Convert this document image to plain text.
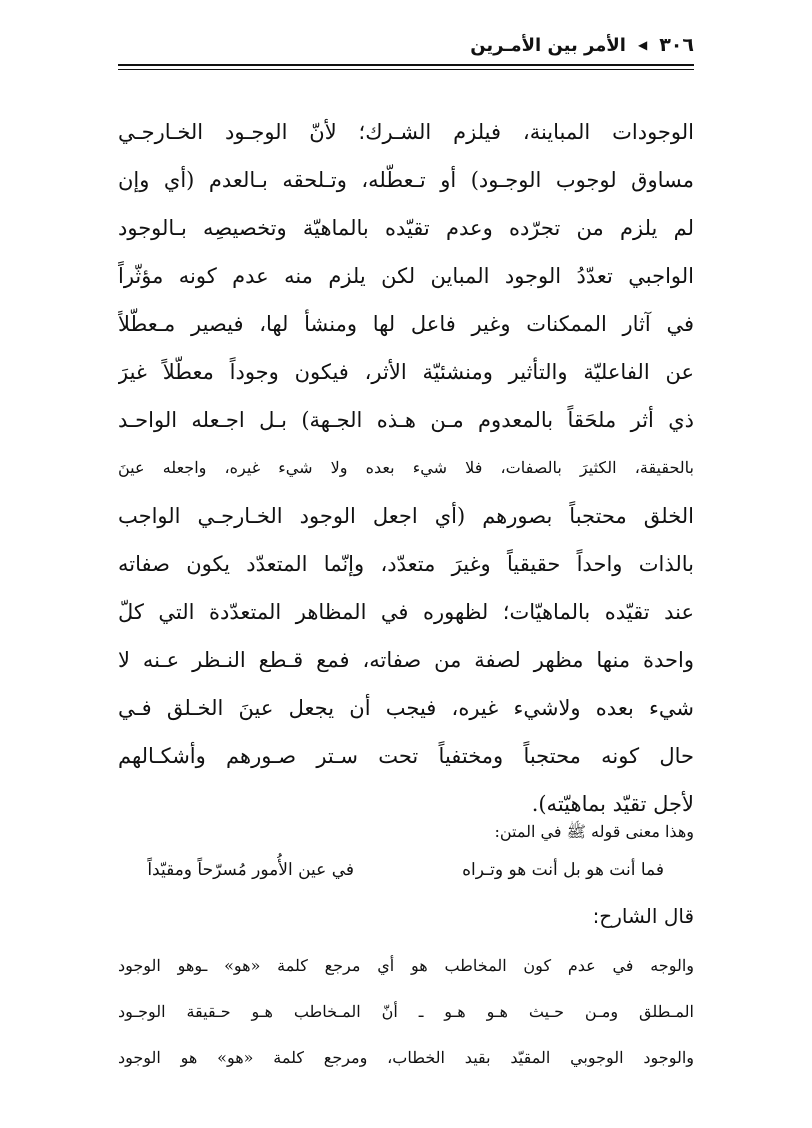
٣٠٦
◀
الأمر بين الأمـرين
الوجودات المباينة، فيلزم الشـرك؛ لأنّ الوجـود الخـارجـي
مساوق لوجوب الوجـود) أو تـعطّله، وتـلحقه بـالعدم (أي وإن
لم يلزم من تجرّده وعدم تقيّده بالماهيّة وتخصيصِه بـالوجود
الواجبي تعدّدُ الوجود المباين لكن يلزم منه عدم كونه مؤثّراً
في آثار الممكنات وغير فاعل لها ومنشأ لها، فيصير مـعطّلاً
عن الفاعليّة والتأثير ومنشئيّة الأثر، فيكون وجوداً معطّلاً غيرَ
ذي أثر ملحَقاً بالمعدوم مـن هـذه الجـهة) بـل اجـعله الواحـد
بالحقيقة، الكثيرَ بالصفات، فلا شيء بعده ولا شيء غيره، واجعله عينَ
الخلق محتجباً بصورهم (أي اجعل الوجود الخـارجـي الواجب
بالذات واحداً حقيقياً وغيرَ متعدّد، وإنّما المتعدّد يكون صفاته
عند تقيّده بالماهيّات؛ لظهوره في المظاهر المتعدّدة التي كلّ
واحدة منها مظهر لصفة من صفاته، فمع قـطع النـظر عـنه لا
شيء بعده ولاشيء غيره، فيجب أن يجعل عينَ الخـلق فـي
حال كونه محتجباً ومختفياً تحت سـتر صـورهم وأشكـالهم
لأجل تقيّد بماهيّته).
وهذا معنى قوله ﷺ في المتن:
فما أنت هو بل أنت هو وتـراه
في عين الأُمور مُسرّحاً ومقيّداً
قال الشارح:
والوجه في عدم كون المخاطب هو أي مرجع كلمة «هو» ـوهو الوجود
المـطلق ومـن حـيث هـو هـو ـ أنّ المـخاطب هـو حـقيقة الوجـود
والوجود الوجوبي المقيّد بقيد الخطاب، ومرجع كلمة «هو» هو الوجود
